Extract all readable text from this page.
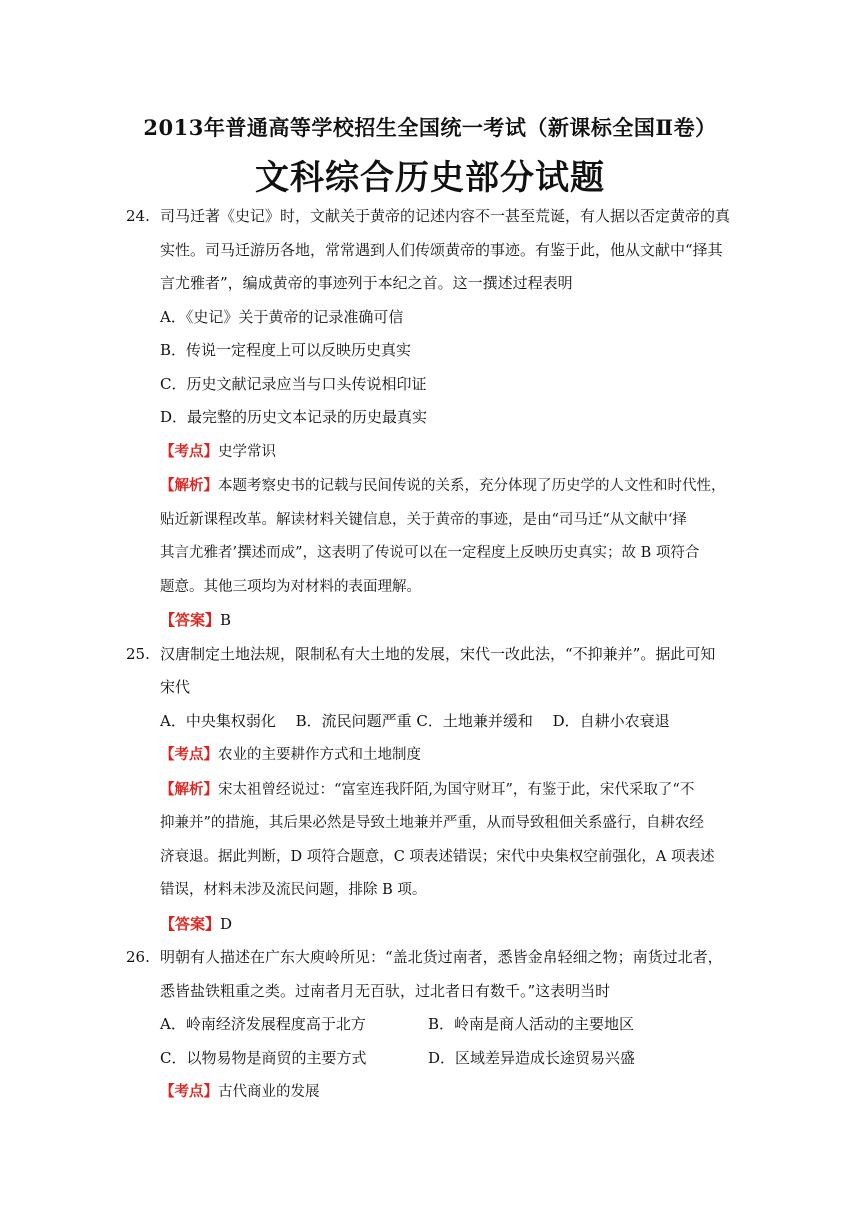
2013年普通高等学校招生全国统一考试（新课标全国Ⅱ卷）
文科综合历史部分试题
24. 司马迁著《史记》时，文献关于黄帝的记述内容不一甚至荒诞，有人据以否定黄帝的真
实性。司马迁游历各地，常常遇到人们传颂黄帝的事迹。有鉴于此，他从文献中“择其
言尤雅者”，编成黄帝的事迹列于本纪之首。这一撰述过程表明
A．《史记》关于黄帝的记录准确可信
B．传说一定程度上可以反映历史真实
C．历史文献记录应当与口头传说相印证
D．最完整的历史文本记录的历史最真实
【考点】史学常识
【解析】本题考察史书的记载与民间传说的关系，充分体现了历史学的人文性和时代性，
贴近新课程改革。解读材料关键信息，关于黄帝的事迹，是由“司马迁“从文献中‘择
其言尤雅者’撰述而成”，这表明了传说可以在一定程度上反映历史真实；故 B 项符合
题意。其他三项均为对材料的表面理解。
【答案】B
25. 汉唐制定土地法规，限制私有大土地的发展，宋代一改此法，“不抑兼并”。据此可知
宋代
A．中央集权弱化　 B．流民问题严重 C．土地兼并缓和　 D．自耕小农衰退
【考点】农业的主要耕作方式和土地制度
【解析】宋太祖曾经说过：“富室连我阡陌,为国守财耳”，有鉴于此，宋代采取了“不
抑兼并”的措施，其后果必然是导致土地兼并严重，从而导致租佃关系盛行，自耕农经
济衰退。据此判断，D 项符合题意，C 项表述错误；宋代中央集权空前强化，A 项表述
错误，材料未涉及流民问题，排除 B 项。
【答案】D
26. 明朝有人描述在广东大庾岭所见：“盖北货过南者，悉皆金帛轻细之物；南货过北者，
悉皆盐铁粗重之类。过南者月无百驮，过北者日有数千。”这表明当时
A．岭南经济发展程度高于北方	B．岭南是商人活动的主要地区
C．以物易物是商贸的主要方式	D．区域差异造成长途贸易兴盛
【考点】古代商业的发展
